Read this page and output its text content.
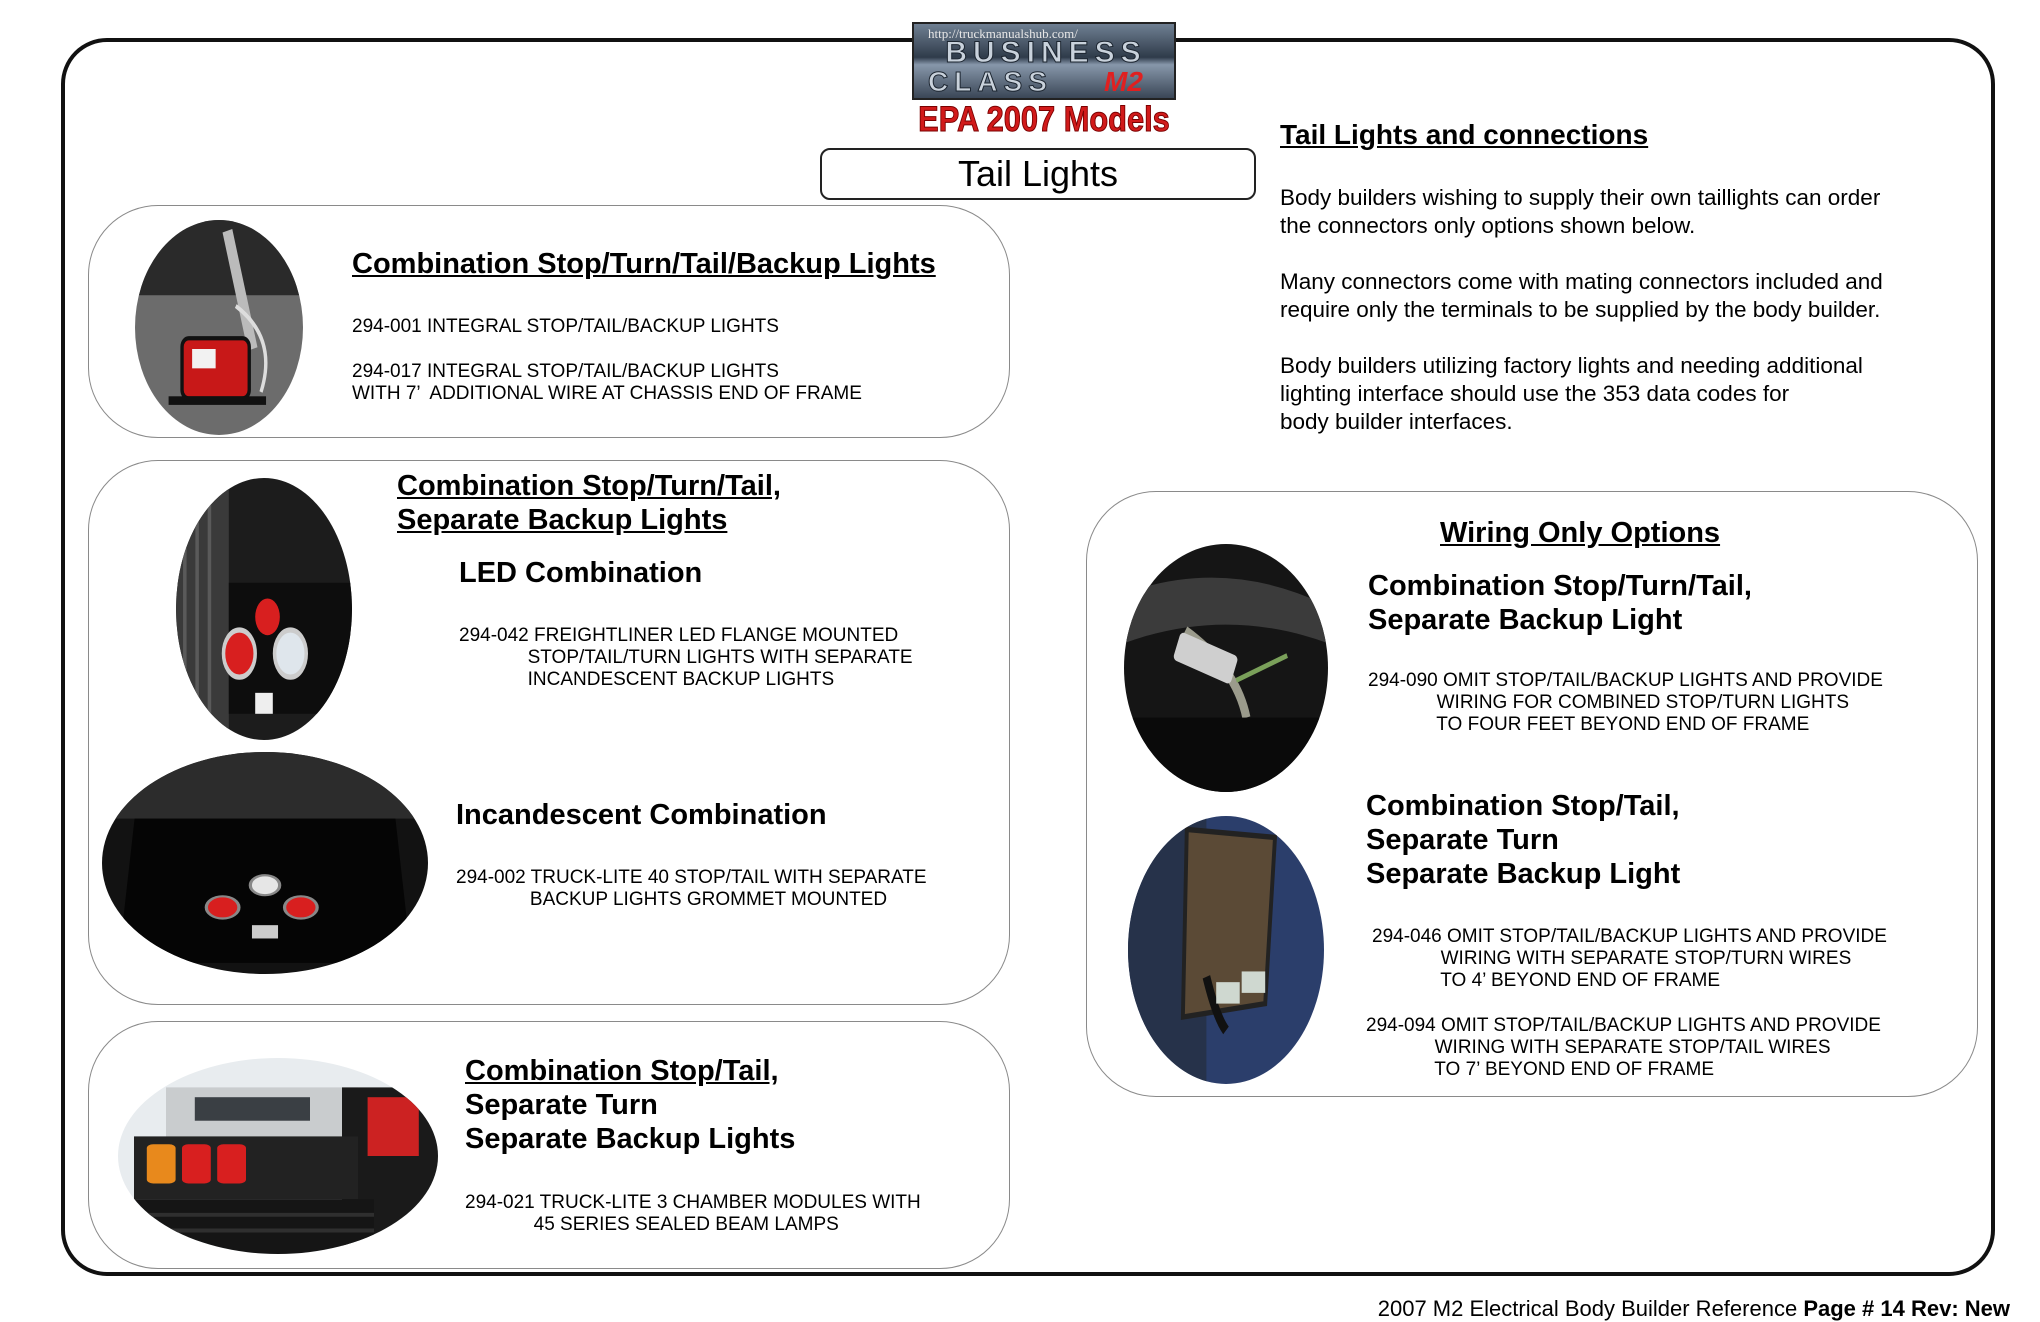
http://truckmanualshub.com/
BUSINESS
CLASS M2
EPA 2007 Models
Tail Lights
Tail Lights and connections
Body builders wishing to supply their own taillights can order
the connectors only options shown below.
Many connectors come with mating connectors included and
require only the terminals to be supplied by the body builder.
Body builders utilizing factory lights and needing additional
lighting interface should use the 353 data codes for
body builder interfaces.
Combination Stop/Turn/Tail/Backup Lights
294-001 INTEGRAL STOP/TAIL/BACKUP LIGHTS
294-017 INTEGRAL STOP/TAIL/BACKUP LIGHTS
WITH 7’  ADDITIONAL WIRE AT CHASSIS END OF FRAME
Combination Stop/Turn/Tail,
Separate Backup Lights
LED Combination
294-042 FREIGHTLINER LED FLANGE MOUNTED
STOP/TAIL/TURN LIGHTS WITH SEPARATE
INCANDESCENT BACKUP LIGHTS
Incandescent Combination
294-002 TRUCK-LITE 40 STOP/TAIL WITH SEPARATE
BACKUP LIGHTS GROMMET MOUNTED
Combination Stop/Tail,
Separate Turn
Separate Backup Lights
294-021 TRUCK-LITE 3 CHAMBER MODULES WITH
45 SERIES SEALED BEAM LAMPS
Wiring Only Options
Combination Stop/Turn/Tail,
Separate Backup Light
294-090 OMIT STOP/TAIL/BACKUP LIGHTS AND PROVIDE
WIRING FOR COMBINED STOP/TURN LIGHTS
TO FOUR FEET BEYOND END OF FRAME
Combination Stop/Tail,
Separate Turn
Separate Backup Light
294-046 OMIT STOP/TAIL/BACKUP LIGHTS AND PROVIDE
WIRING WITH SEPARATE STOP/TURN WIRES
TO 4’ BEYOND END OF FRAME
294-094 OMIT STOP/TAIL/BACKUP LIGHTS AND PROVIDE
WIRING WITH SEPARATE STOP/TAIL WIRES
TO 7’ BEYOND END OF FRAME
2007 M2 Electrical Body Builder Reference Page # 14 Rev: New
